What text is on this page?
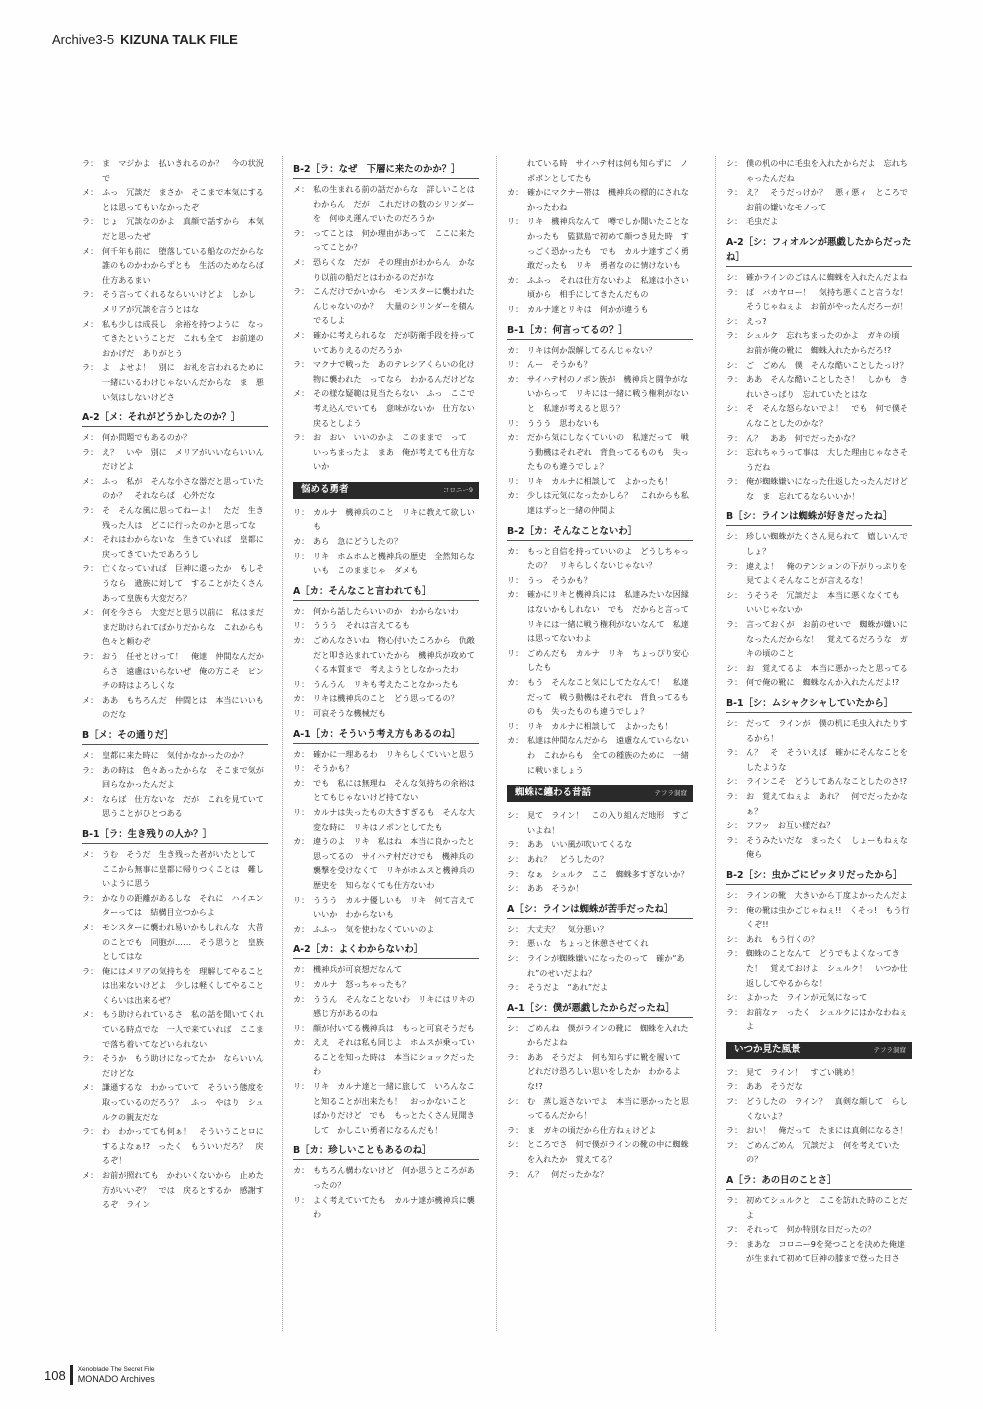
Archive3-5 KIZUNA TALK FILE
ラ： ま　マジかよ　払いきれるのか？　今の状況で
メ： ふっ　冗談だ　まさか　そこまで本気にするとは思ってもいなかったぞ
ラ： じょ　冗談なのかよ　真顔で話すから　本気だと思ったぜ
メ： 何千年も前に　堕落している船なのだからな　誰のものかわからずとも　生活のためならば仕方あるまい
ラ： そう言ってくれるならいいけどよ　しかし　メリアが冗談を言うとはな
メ： 私も少しは成長し　余裕を持つように　なってきたということだ　これも全て　お前達のおかげだ　ありがとう
ラ： よ　よせよ！　別に　お礼を言われるために　一緒にいるわけじゃないんだからな　ま　悪い気はしないけどさ
A-2［メ：それがどうかしたのか？］
メ： 何か問題でもあるのか？
ラ： え？　いや　別に　メリアがいいならいいんだけどよ
メ： ふっ　私が　そんな小さな器だと思っていたのか？　それならば　心外だな
ラ： そ　そんな風に思ってねーよ！　ただ　生き残った人は　どこに行ったのかと思ってな
メ： それはわからないな　生きていれば　皇都に戻ってきていたであろうし
ラ： 亡くなっていれば　巨神に還ったか　もしそうなら　遺族に対して　することがたくさんあって皇族も大変だろ？
メ： 何を今さら　大変だと思う以前に　私はまだまだ助けられてばかりだからな　これからも　色々と頼むぞ
ラ： おう　任せとけって！　俺達　仲間なんだからさ　遠慮はいらないぜ　俺の方こそ　ピンチの時はよろしくな
メ： ああ　もちろんだ　仲間とは　本当にいいものだな
B［メ：その通りだ］
メ： 皇都に来た時に　気付かなかったのか？
ラ： あの時は　色々あったからな　そこまで気が回らなかったんだよ
メ： ならば　仕方ないな　だが　これを見ていて思うことがひとつある
B-1［ラ：生き残りの人か？］
メ： うむ　そうだ　生き残った者がいたとして　ここから無事に皇都に帰りつくことは　難しいように思う
ラ： かなりの距離があるしな　それに　ハイエンターっては　結構目立つからよ
メ： モンスターに襲われ易いかもしれんな　大昔のことでも　同胞が……　そう思うと　皇族としてはな
ラ： 俺にはメリアの気持ちを　理解してやることは出来ないけどよ　少しは軽くしてやることくらいは出来るぜ？
メ： もう助けられているさ　私の話を聞いてくれている時点でな　一人で来ていれば　ここまで落ち着いてなどいられない
ラ： そうか　もう助けになってたか　ならいいんだけどな
メ： 謙遜するな　わかっていて　そういう態度を取っているのだろう？　ふっ　やはり　シュルクの親友だな
ラ： わ　わかってても何ぁ！　そういうことロにするよなぁ!?　ったく　もういいだろ？　戻るぞ！
メ： お前が照れても　かわいくないから　止めた方がいいぞ？　では　戻るとするか　感謝するぞ　ライン
B-2［ラ：なぜ　下層に来たのかか？］
メ： 私の生まれる前の話だからな　詳しいことはわからん　だが　これだけの数のシリンダーを　何ゆえ運んでいたのだろうか
ラ： ってことは　何か理由があって　ここに来たってことか？
メ： 恐らくな　だが　その理由がわからん　かなり以前の船だとはわかるのだがな
ラ： こんだけでかいから　モンスターに襲われたんじゃないのか？　大量のシリンダーを積んでるしよ
メ： 確かに考えられるな　だが防衛手段を持っていてありえるのだろうか
ラ： マクナで戦った　あのテレシアくらいの化け物に襲われた　ってなら　わかるんだけどな
メ： その様な疑範は見当たらない　ふっ　ここで考え込んでいても　意味がないか　仕方ない　戻るとしよう
ラ： お　おい　いいのかよ　このままで　って　いっちまったよ　まあ　俺が考えても仕方ないか
悩める勇者	コロニー9
リ： カルナ　機神兵のこと　リキに教えて欲しいも
カ： あら　急にどうしたの？
リ： リキ　ホムホムと機神兵の歴史　全然知らないも　このままじゃ　ダメも
A［カ：そんなこと言われても］
カ： 何から話したらいいのか　わからないわ
リ： ううう　それは言えてるも
カ： ごめんなさいね　物心付いたころから　仇敵だと叩き込まれていたから　機神兵が攻めてくる本質まで　考えようとしなかったわ
リ： うんうん　リキも考えたことなかったも
カ： リキは機神兵のこと　どう思ってるの？
リ： 可哀そうな機械だも
A-1［カ：そういう考え方もあるのね］
カ： 確かに一理あるわ　リキらしくていいと思う
リ： そうかも？
カ： でも　私には無理ね　そんな気持ちの余裕はとてもじゃないけど持てない
リ： カルナは失ったもの大きすぎるも　そんな大変な時に　リキはノポンとしてたも
カ： 違うのよ　リキ　私はね　本当に良かったと思ってるの　サイハテ村だけでも　機神兵の襲撃を受けなくて　リキがホムスと機神兵の歴史を　知らなくても仕方ないわ
リ： ううう　カルナ優しいも　リキ　何て言えていいか　わからないも
カ： ふふっ　気を使わなくていいのよ
A-2［カ：よくわからないわ］
カ： 機神兵が可哀想だなんて
リ： カルナ　怒っちゃったも？
カ： ううん　そんなことないわ　リキにはリキの　感じ方があるのね
リ： 顔が付いてる機神兵は　もっと可哀そうだも
カ： ええ　それは私も同じよ　ホムスが乗っていることを知った時は　本当にショックだったわ
リ： リキ　カルナ達と一緒に旅して　いろんなこと知ることが出来たも！　おっかないこと　ばかりだけど　でも　もっとたくさん見聞きして　かしこい勇者になるんだも！
B［カ：珍しいこともあるのね］
カ： もちろん構わないけど　何か思うところがあったの？
リ： よく考えていてたも　カルナ達が機神兵に襲わ
れている時　サイハテ村は何も知らずに　ノポボンとしてたも
カ： 確かにマクナー帯は　機神兵の標的にされなかったわね
リ： リキ　機神兵なんて　噂でしか聞いたことなかったも　監獄島で初めて顔つき見た時　すっごく恐かったも　でも　カルナ達すごく勇敢だったも　リキ　勇者なのに情けないも
カ： ふふっ　それは仕方ないわよ　私達は小さい頃から　相手にしてきたんだもの
リ： カルナ達とリキは　何かが違うも
B-1［カ：何言ってるの？］
カ： リキは何か誤解してるんじゃない？
リ： んー　そうかも？
カ： サイハテ村のノポン族が　機神兵と闘争がないからって　リキには一緒に戦う権利がないと　私達が考えると思う？
リ： ううう　思わないも
カ： だから気にしなくていいの　私達だって　戦う動機はそれぞれ　背負ってるものも　失ったものも違うでしょ？
リ： リキ　カルナに相談して　よかったも！
カ： 少しは元気になったかしら？　これからも私達はずっと一緒の仲間よ
B-2［カ：そんなことないわ］
カ： もっと自信を持っていいのよ　どうしちゃったの？　リキらしくないじゃない？
リ： うっ　そうかも？
カ： 確かにリキと機神兵には　私達みたいな因縁はないかもしれない　でも　だからと言って　リキには一緒に戦う権利がないなんて　私達は思ってないわよ
リ： ごめんだも　カルナ　リキ　ちょっぴり安心したも
カ： もう　そんなこと気にしてたなんて！　私達だって　戦う動機はそれぞれ　背負ってるものも　失ったものも違うでしょ？
リ： リキ　カルナに相談して　よかったも！
カ： 私達は仲間なんだから　遠慮なんていらないわ　これからも　全ての種族のために　一緒に戦いましょう
蜘蛛に纏わる昔話	テフラ洞窟
シ： 見て　ライン！　この入り組んだ地形　すごいよね！
ラ： ああ　いい風が吹いてくるな
シ： あれ？　どうしたの？
ラ： なぁ　シュルク　ここ　蜘蛛多すぎないか？
シ： ああ　そうか！
A［シ：ラインは蜘蛛が苦手だったね］
シ： 大丈夫？　気分悪い？
ラ： 悪ぃな　ちょっと休憩させてくれ
シ： ラインが蜘蛛嫌いになったのって　確か“あれ”のせいだよね？
ラ： そうだよ　“あれ”だよ
A-1［シ：僕が悪戯したからだったね］
シ： ごめんね　僕がラインの靴に　蜘蛛を入れたからだよね
ラ： ああ　そうだよ　何も知らずに靴を履いて　どれだけ恐ろしい思いをしたか　わかるよな!?
シ： む　蒸し返さないでよ　本当に悪かったと思ってるんだから！
ラ： ま　ガキの頃だから仕方ねぇけどよ
シ： ところでさ　何で僕がラインの靴の中に蜘蛛を入れたか　覚えてる？
ラ： ん？　何だったかな？
シ： 僕の机の中に毛虫を入れたからだよ　忘れちゃったんだね
ラ： え？　そうだっけか？　悪ィ悪ィ　ところで　お前の嫌いなモノって
シ： 毛虫だよ
A-2［シ：フィオルンが悪戯したからだったね］
シ： 確かラインのごはんに蜘蛛を入れたんだよね
ラ： ば　バカヤロー！　気持ち悪くこと言うな！　そうじゃねぇよ　お前がやったんだろーが！
シ： えっ?
ラ： シュルク　忘れちまったのかよ　ガキの頃　お前が俺の靴に　蜘蛛入れたからだろ!?
シ： ご　ごめん　僕　そんな酷いことしたっけ？
ラ： ああ　そんな酷いことしたさ！　しかも　きれいさっぱり　忘れていたとはな
シ： そ　そんな怒らないでよ！　でも　何で僕そんなことしたのかな？
ラ： ん？　ああ　何でだったかな？
シ： 忘れちゃうって事は　大した理由じゃなさそうだね
ラ： 俺が蜘蛛嫌いになった仕返したったんだけどな　ま　忘れてるならいいか！
B［シ：ラインは蜘蛛が好きだったね］
シ： 珍しい蜘蛛がたくさん見られて　嬉しいんでしょ？
ラ： 違えよ！　俺のテンションの下がりっぷりを見てよくそんなことが言えるな！
シ： うそうそ　冗談だよ　本当に悪くなくても　いいじゃないか
ラ： 言っておくが　お前のせいで　蜘蛛が嫌いになったんだからな！　覚えてるだろうな　ガキの頃のこと
シ： お　覚えてるよ　本当に悪かったと思ってる
ラ： 何で俺の靴に　蜘蛛なんか入れたんだよ!?
B-1［シ：ムシャクシャしていたから］
シ： だって　ラインが　僕の机に毛虫入れたりするから！
ラ： ん？　そ　そういえば　確かにそんなことをしたような
シ： ラインこそ　どうしてあんなことしたのさ!?
ラ： お　覚えてねぇよ　あれ？　何でだったかなぁ？
シ： フフッ　お互い様だね？
ラ： そうみたいだな　まったく　しょーもねぇな　俺ら
B-2［シ：虫かごにピッタリだったから］
シ： ラインの靴　大きいから丁度よかったんだよ
ラ： 俺の靴は虫かごじゃねぇ!!　くそっ!　もう行くぞ!!
シ： あれ　もう行くの？
ラ： 蜘蛛のことなんて　どうでもよくなってきた！　覚えておけよ　シュルク！　いつか仕返ししてやるからな！
シ： よかった　ラインが元気になって
ラ： お前なァ　ったく　シュルクにはかなわねぇよ
いつか見た風景	テフラ洞窟
フ： 見て　ライン！　すごい眺め！
ラ： ああ　そうだな
フ： どうしたの　ライン？　真剣な顔して　らしくないよ？
ラ： おい！　俺だって　たまには真剣になるさ！
フ： ごめんごめん　冗談だよ　何を考えていたの？
A［ラ：あの日のことさ］
ラ： 初めてシュルクと　ここを訪れた時のことだよ
フ： それって　何か特別な日だったの？
ラ： まあな　コロニー9を発つことを決めた俺達が生まれて初めて巨神の膝まで登った日さ
108 Xenoblade The Secret File
MONADO Archives
